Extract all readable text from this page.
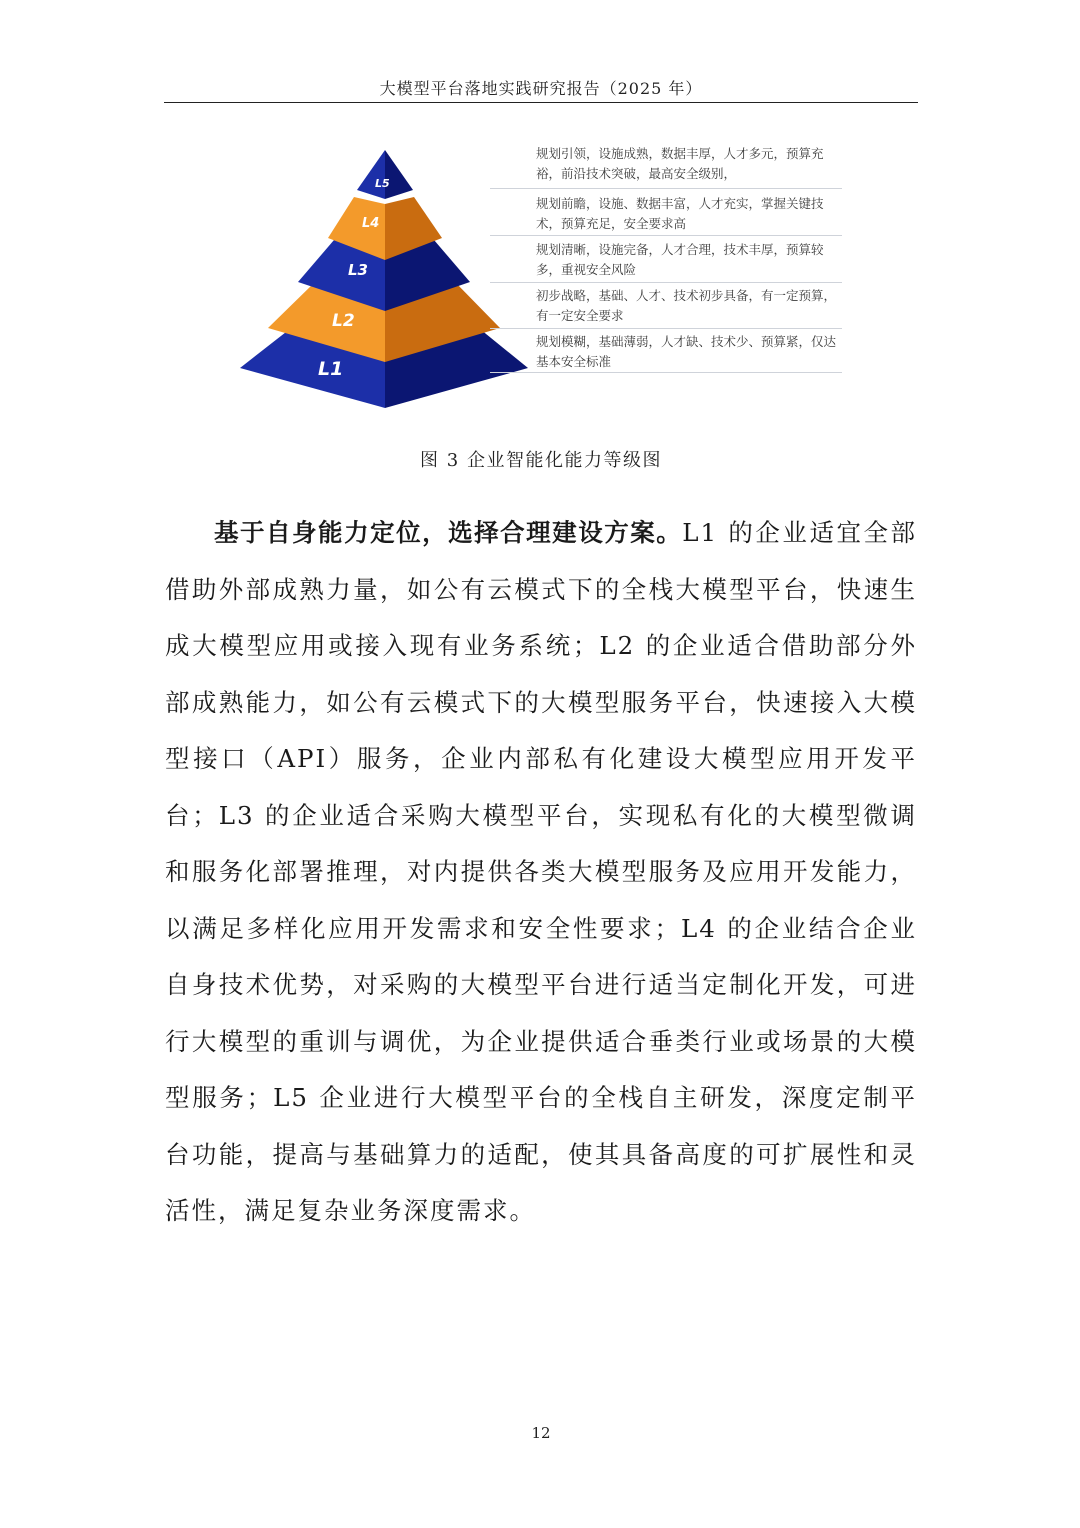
大模型平台落地实践研究报告（2025 年）
L1
L2
L3
L4
L5
规划引领，设施成熟，数据丰厚，人才多元，预算充裕，前沿技术突破，最高安全级别，
规划前瞻，设施、数据丰富，人才充实，掌握关键技术，预算充足，安全要求高
规划清晰，设施完备，人才合理，技术丰厚，预算较多，重视安全风险
初步战略，基础、人才、技术初步具备，有一定预算，有一定安全要求
规划模糊，基础薄弱，人才缺、技术少、预算紧，仅达基本安全标准
图 3 企业智能化能力等级图

基于自身能力定位，选择合理建设方案。L1 的企业适宜全部借助外部成熟力量，如公有云模式下的全栈大模型平台，快速生成大模型应用或接入现有业务系统；L2 的企业适合借助部分外部成熟能力，如公有云模式下的大模型服务平台，快速接入大模型接口（API）服务，企业内部私有化建设大模型应用开发平台；L3 的企业适合采购大模型平台，实现私有化的大模型微调和服务化部署推理，对内提供各类大模型服务及应用开发能力，以满足多样化应用开发需求和安全性要求；L4 的企业结合企业自身技术优势，对采购的大模型平台进行适当定制化开发，可进行大模型的重训与调优，为企业提供适合垂类行业或场景的大模型服务；L5 企业进行大模型平台的全栈自主研发，深度定制平台功能，提高与基础算力的适配，使其具备高度的可扩展性和灵活性，满足复杂业务深度需求。

12
